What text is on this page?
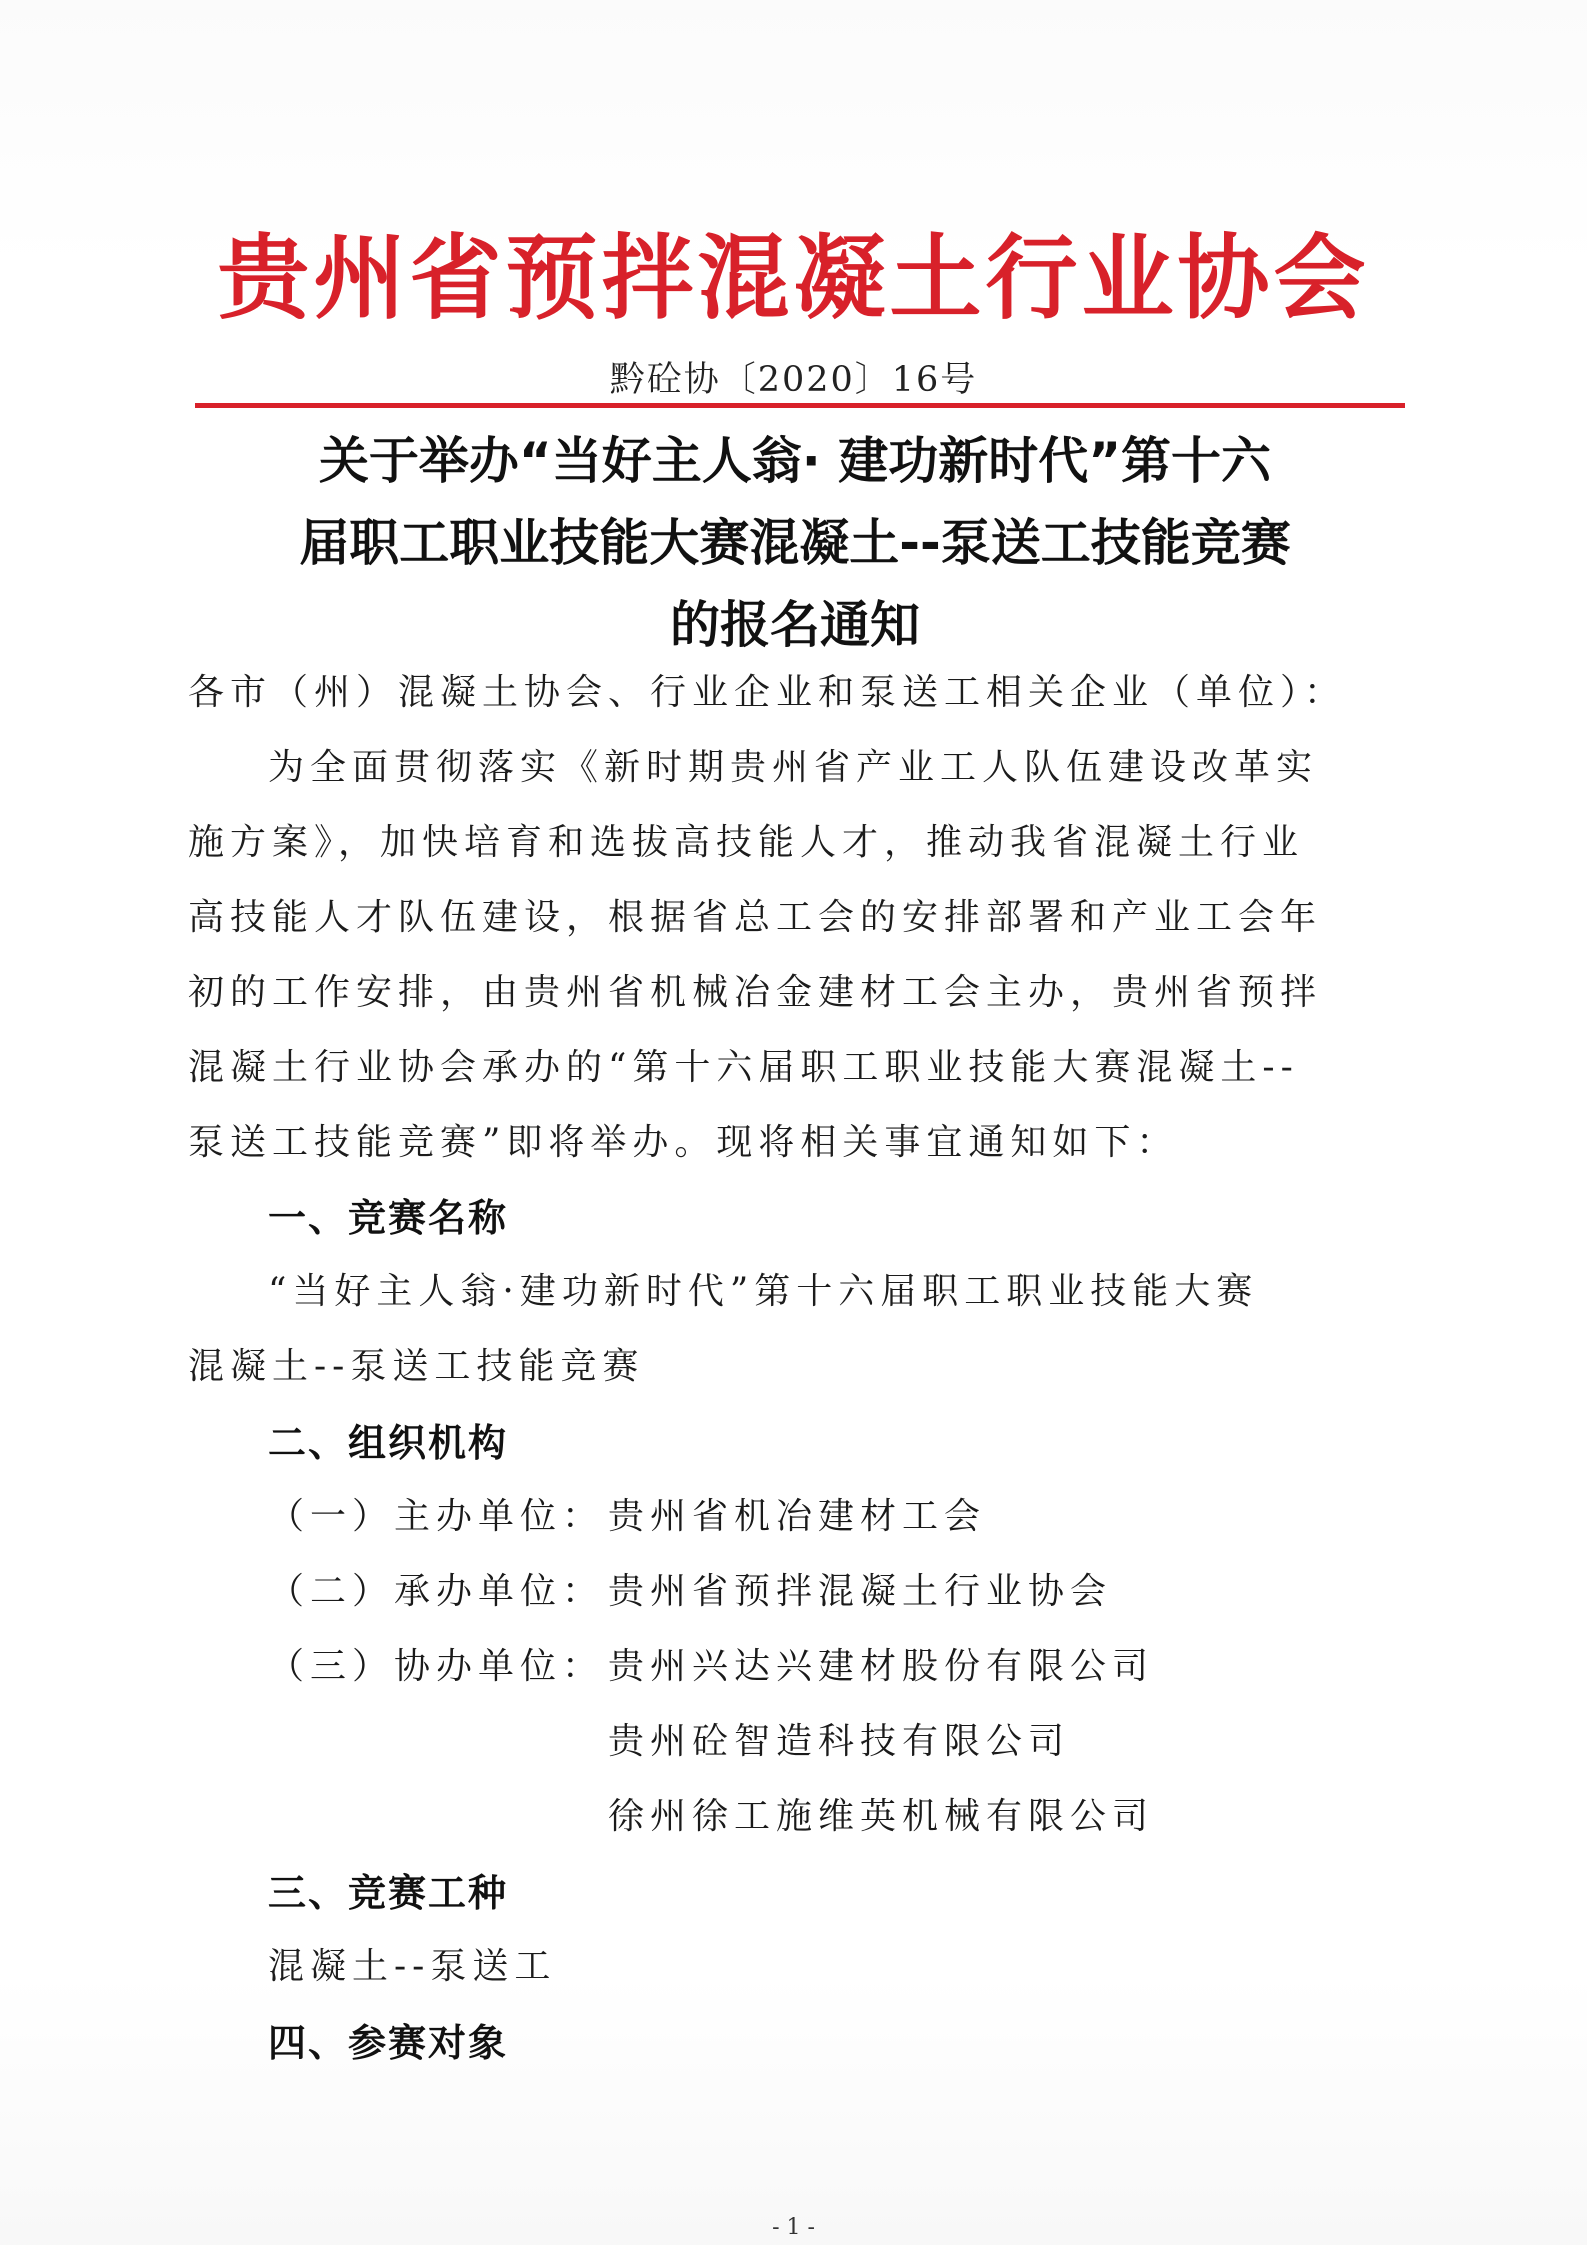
贵州省预拌混凝土行业协会
黔砼协〔2020〕16号
关于举办“当好主人翁· 建功新时代”第十六
届职工职业技能大赛混凝土--泵送工技能竞赛
的报名通知
各市（州）混凝土协会、行业企业和泵送工相关企业（单位）：
为全面贯彻落实《新时期贵州省产业工人队伍建设改革实
施方案》，加快培育和选拔高技能人才，推动我省混凝土行业
高技能人才队伍建设，根据省总工会的安排部署和产业工会年
初的工作安排，由贵州省机械冶金建材工会主办，贵州省预拌
混凝土行业协会承办的“第十六届职工职业技能大赛混凝土--
泵送工技能竞赛”即将举办。现将相关事宜通知如下：
一、竞赛名称
“当好主人翁·建功新时代”第十六届职工职业技能大赛
混凝土--泵送工技能竞赛
二、组织机构
（一）主办单位： 贵州省机冶建材工会
（二）承办单位： 贵州省预拌混凝土行业协会
（三）协办单位： 贵州兴达兴建材股份有限公司
贵州砼智造科技有限公司
徐州徐工施维英机械有限公司
三、竞赛工种
混凝土--泵送工
四、参赛对象
- 1 -
